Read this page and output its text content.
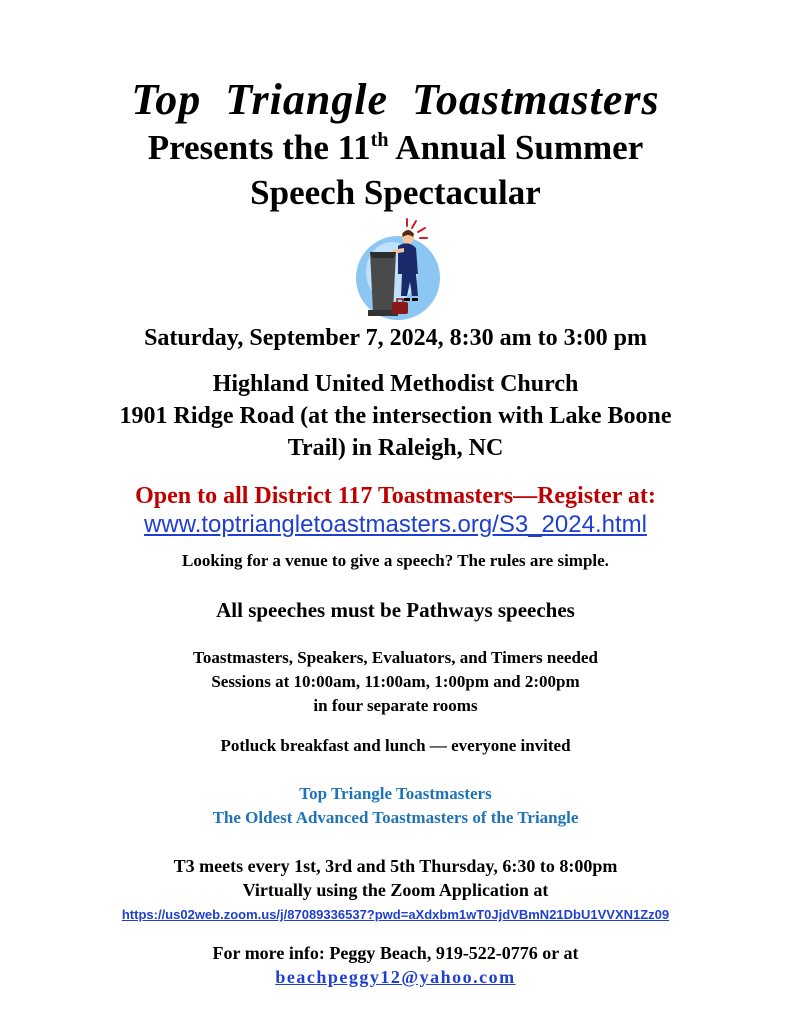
Top Triangle Toastmasters
Presents the 11th Annual Summer
Speech Spectacular
Saturday, September 7, 2024, 8:30 am to 3:00 pm
Highland United Methodist Church
1901 Ridge Road (at the intersection with Lake Boone
Trail) in Raleigh, NC
Open to all District 117 Toastmasters—Register at:
www.toptriangletoastmasters.org/S3_2024.html
Looking for a venue to give a speech? The rules are simple.
All speeches must be Pathways speeches
Toastmasters, Speakers, Evaluators, and Timers needed
Sessions at 10:00am, 11:00am, 1:00pm and 2:00pm
in four separate rooms
Potluck breakfast and lunch — everyone invited
Top Triangle Toastmasters
The Oldest Advanced Toastmasters of the Triangle
T3 meets every 1st, 3rd and 5th Thursday, 6:30 to 8:00pm
Virtually using the Zoom Application at
https://us02web.zoom.us/j/87089336537?pwd=aXdxbm1wT0JjdVBmN21DbU1VVXN1Zz09
For more info: Peggy Beach, 919-522-0776 or at
beachpeggy12@yahoo.com
